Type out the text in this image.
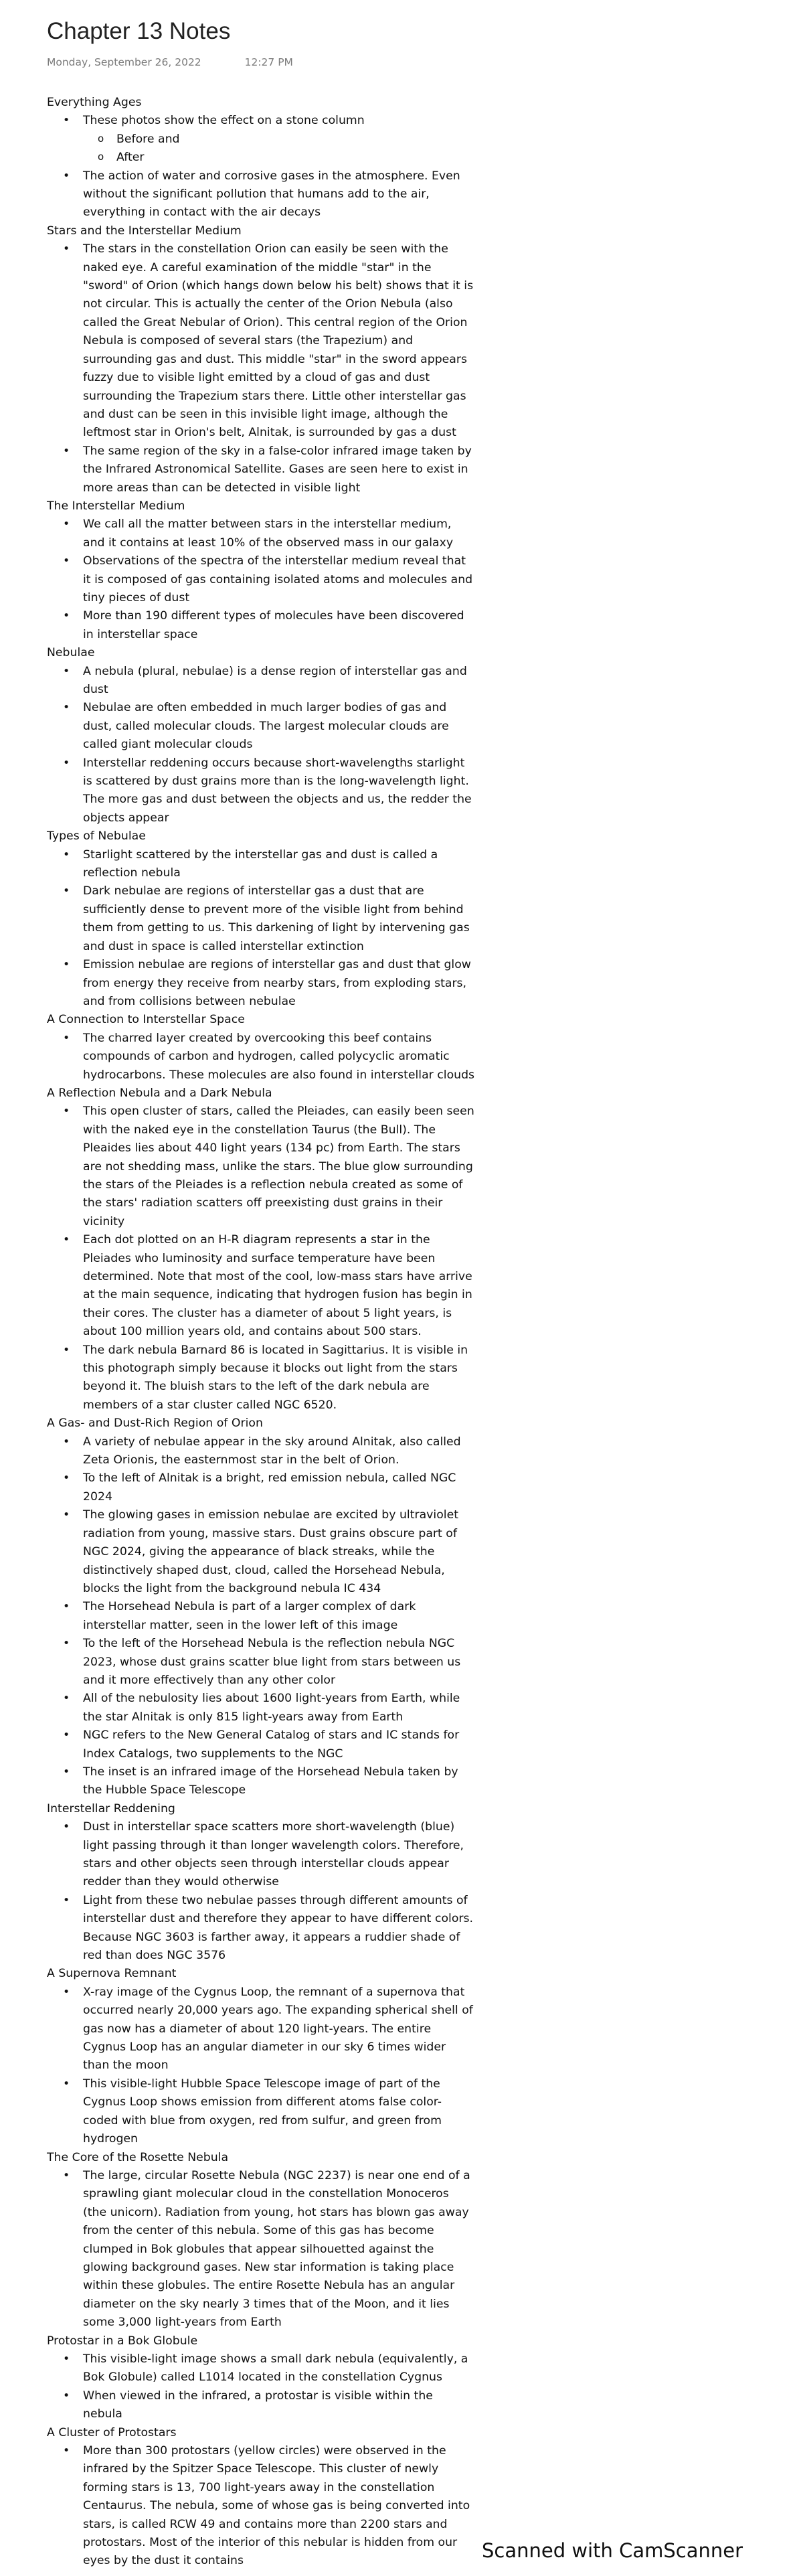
Chapter 13 Notes
Monday, September 26, 2022	12:27 PM
Everything Ages
• These photos show the effect on a stone column
o Before and
o After
• The action of water and corrosive gases in the atmosphere. Even without the significant pollution that humans add to the air, everything in contact with the air decays
Stars and the Interstellar Medium
• The stars in the constellation Orion can easily be seen with the naked eye. A careful examination of the middle "star" in the "sword" of Orion (which hangs down below his belt) shows that it is not circular. This is actually the center of the Orion Nebula (also called the Great Nebular of Orion). This central region of the Orion Nebula is composed of several stars (the Trapezium) and surrounding gas and dust. This middle "star" in the sword appears fuzzy due to visible light emitted by a cloud of gas and dust surrounding the Trapezium stars there. Little other interstellar gas and dust can be seen in this invisible light image, although the leftmost star in Orion's belt, Alnitak, is surrounded by gas a dust
• The same region of the sky in a false-color infrared image taken by the Infrared Astronomical Satellite. Gases are seen here to exist in more areas than can be detected in visible light
The Interstellar Medium
• We call all the matter between stars in the interstellar medium, and it contains at least 10% of the observed mass in our galaxy
• Observations of the spectra of the interstellar medium reveal that it is composed of gas containing isolated atoms and molecules and tiny pieces of dust
• More than 190 different types of molecules have been discovered in interstellar space
Nebulae
• A nebula (plural, nebulae) is a dense region of interstellar gas and dust
• Nebulae are often embedded in much larger bodies of gas and dust, called molecular clouds. The largest molecular clouds are called giant molecular clouds
• Interstellar reddening occurs because short-wavelengths starlight is scattered by dust grains more than is the long-wavelength light. The more gas and dust between the objects and us, the redder the objects appear
Types of Nebulae
• Starlight scattered by the interstellar gas and dust is called a reflection nebula
• Dark nebulae are regions of interstellar gas a dust that are sufficiently dense to prevent more of the visible light from behind them from getting to us. This darkening of light by intervening gas and dust in space is called interstellar extinction
• Emission nebulae are regions of interstellar gas and dust that glow from energy they receive from nearby stars, from exploding stars, and from collisions between nebulae
A Connection to Interstellar Space
• The charred layer created by overcooking this beef contains compounds of carbon and hydrogen, called polycyclic aromatic hydrocarbons. These molecules are also found in interstellar clouds
A Reflection Nebula and a Dark Nebula
• This open cluster of stars, called the Pleiades, can easily been seen with the naked eye in the constellation Taurus (the Bull). The Pleaides lies about 440 light years (134 pc) from Earth. The stars are not shedding mass, unlike the stars. The blue glow surrounding the stars of the Pleiades is a reflection nebula created as some of the stars' radiation scatters off preexisting dust grains in their vicinity
• Each dot plotted on an H-R diagram represents a star in the Pleiades who luminosity and surface temperature have been determined. Note that most of the cool, low-mass stars have arrive at the main sequence, indicating that hydrogen fusion has begin in their cores. The cluster has a diameter of about 5 light years, is about 100 million years old, and contains about 500 stars.
• The dark nebula Barnard 86 is located in Sagittarius. It is visible in this photograph simply because it blocks out light from the stars beyond it. The bluish stars to the left of the dark nebula are members of a star cluster called NGC 6520.
A Gas- and Dust-Rich Region of Orion
• A variety of nebulae appear in the sky around Alnitak, also called Zeta Orionis, the easternmost star in the belt of Orion.
• To the left of Alnitak is a bright, red emission nebula, called NGC 2024
• The glowing gases in emission nebulae are excited by ultraviolet radiation from young, massive stars. Dust grains obscure part of NGC 2024, giving the appearance of black streaks, while the distinctively shaped dust, cloud, called the Horsehead Nebula, blocks the light from the background nebula IC 434
• The Horsehead Nebula is part of a larger complex of dark interstellar matter, seen in the lower left of this image
• To the left of the Horsehead Nebula is the reflection nebula NGC 2023, whose dust grains scatter blue light from stars between us and it more effectively than any other color
• All of the nebulosity lies about 1600 light-years from Earth, while the star Alnitak is only 815 light-years away from Earth
• NGC refers to the New General Catalog of stars and IC stands for Index Catalogs, two supplements to the NGC
• The inset is an infrared image of the Horsehead Nebula taken by the Hubble Space Telescope
Interstellar Reddening
• Dust in interstellar space scatters more short-wavelength (blue) light passing through it than longer wavelength colors. Therefore, stars and other objects seen through interstellar clouds appear redder than they would otherwise
• Light from these two nebulae passes through different amounts of interstellar dust and therefore they appear to have different colors. Because NGC 3603 is farther away, it appears a ruddier shade of red than does NGC 3576
A Supernova Remnant
• X-ray image of the Cygnus Loop, the remnant of a supernova that occurred nearly 20,000 years ago. The expanding spherical shell of gas now has a diameter of about 120 light-years. The entire Cygnus Loop has an angular diameter in our sky 6 times wider than the moon
• This visible-light Hubble Space Telescope image of part of the Cygnus Loop shows emission from different atoms false color-coded with blue from oxygen, red from sulfur, and green from hydrogen
The Core of the Rosette Nebula
• The large, circular Rosette Nebula (NGC 2237) is near one end of a sprawling giant molecular cloud in the constellation Monoceros (the unicorn). Radiation from young, hot stars has blown gas away from the center of this nebula. Some of this gas has become clumped in Bok globules that appear silhouetted against the glowing background gases. New star information is taking place within these globules. The entire Rosette Nebula has an angular diameter on the sky nearly 3 times that of the Moon, and it lies some 3,000 light-years from Earth
Protostar in a Bok Globule
• This visible-light image shows a small dark nebula (equivalently, a Bok Globule) called L1014 located in the constellation Cygnus
• When viewed in the infrared, a protostar is visible within the nebula
A Cluster of Protostars
• More than 300 protostars (yellow circles) were observed in the infrared by the Spitzer Space Telescope. This cluster of newly forming stars is 13, 700 light-years away in the constellation Centaurus. The nebula, some of whose gas is being converted into stars, is called RCW 49 and contains more than 2200 stars and protostars. Most of the interior of this nebular is hidden from our eyes by the dust it contains	Scanned with CamScanner
